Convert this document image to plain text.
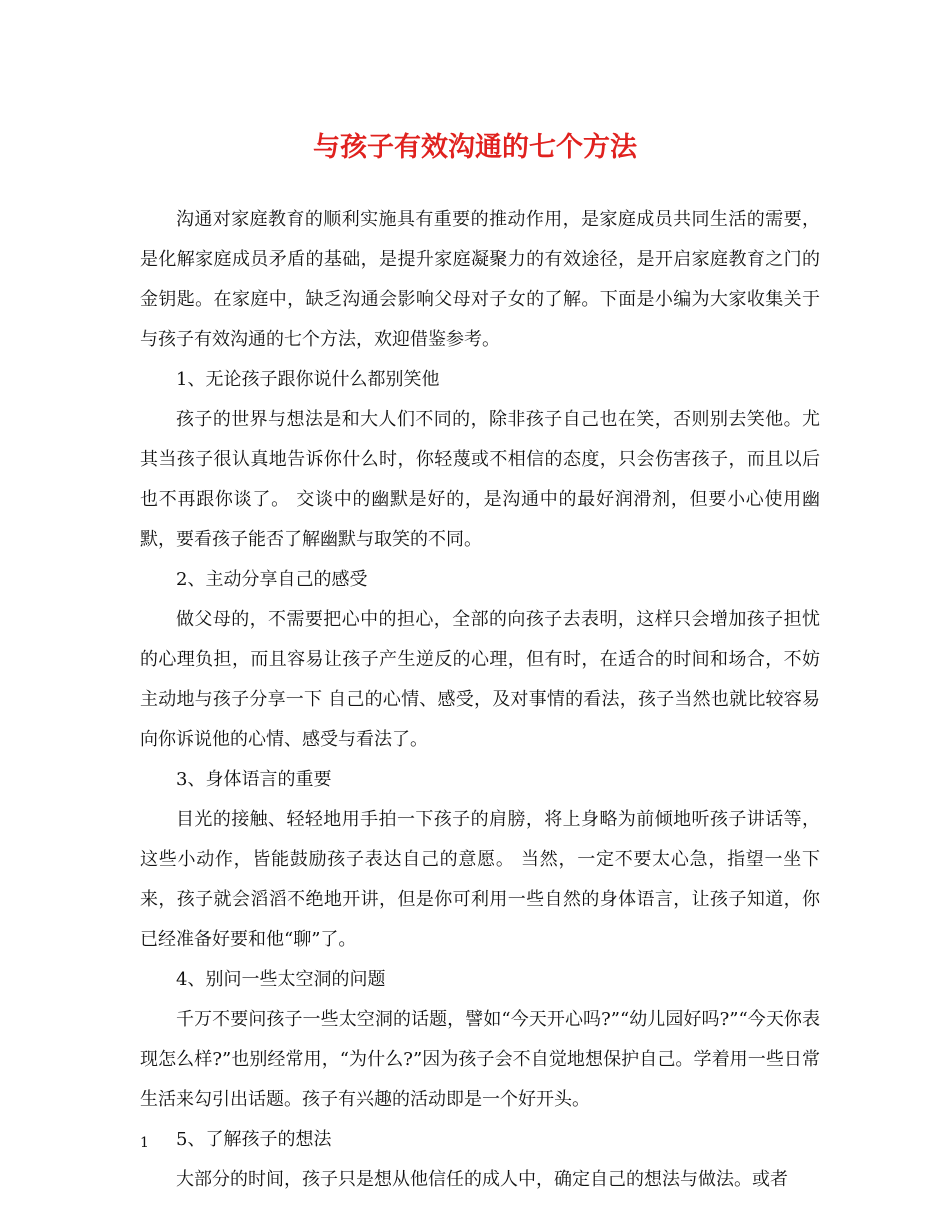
与孩子有效沟通的七个方法

沟通对家庭教育的顺利实施具有重要的推动作用，是家庭成员共同生活的需要，是化解家庭成员矛盾的基础，是提升家庭凝聚力的有效途径，是开启家庭教育之门的金钥匙。在家庭中，缺乏沟通会影响父母对子女的了解。下面是小编为大家收集关于与孩子有效沟通的七个方法，欢迎借鉴参考。

1、无论孩子跟你说什么都别笑他

孩子的世界与想法是和大人们不同的，除非孩子自己也在笑，否则别去笑他。尤其当孩子很认真地告诉你什么时，你轻蔑或不相信的态度，只会伤害孩子，而且以后也不再跟你谈了。 交谈中的幽默是好的，是沟通中的最好润滑剂，但要小心使用幽默，要看孩子能否了解幽默与取笑的不同。

2、主动分享自己的感受

做父母的，不需要把心中的担心，全部的向孩子去表明，这样只会增加孩子担忧的心理负担，而且容易让孩子产生逆反的心理，但有时，在适合的时间和场合，不妨主动地与孩子分享一下 自己的心情、感受，及对事情的看法，孩子当然也就比较容易向你诉说他的心情、感受与看法了。

3、身体语言的重要

目光的接触、轻轻地用手拍一下孩子的肩膀，将上身略为前倾地听孩子讲话等，这些小动作，皆能鼓励孩子表达自己的意愿。 当然，一定不要太心急，指望一坐下来，孩子就会滔滔不绝地开讲，但是你可利用一些自然的身体语言，让孩子知道，你已经准备好要和他“聊”了。

4、别问一些太空洞的问题

千万不要问孩子一些太空洞的话题，譬如“今天开心吗?”“幼儿园好吗?”“今天你表现怎么样?”也别经常用，“为什么?”因为孩子会不自觉地想保护自己。学着用一些日常生活来勾引出话题。孩子有兴趣的活动即是一个好开头。

5、了解孩子的想法

大部分的时间，孩子只是想从他信任的成人中，确定自己的想法与做法。或者

1
